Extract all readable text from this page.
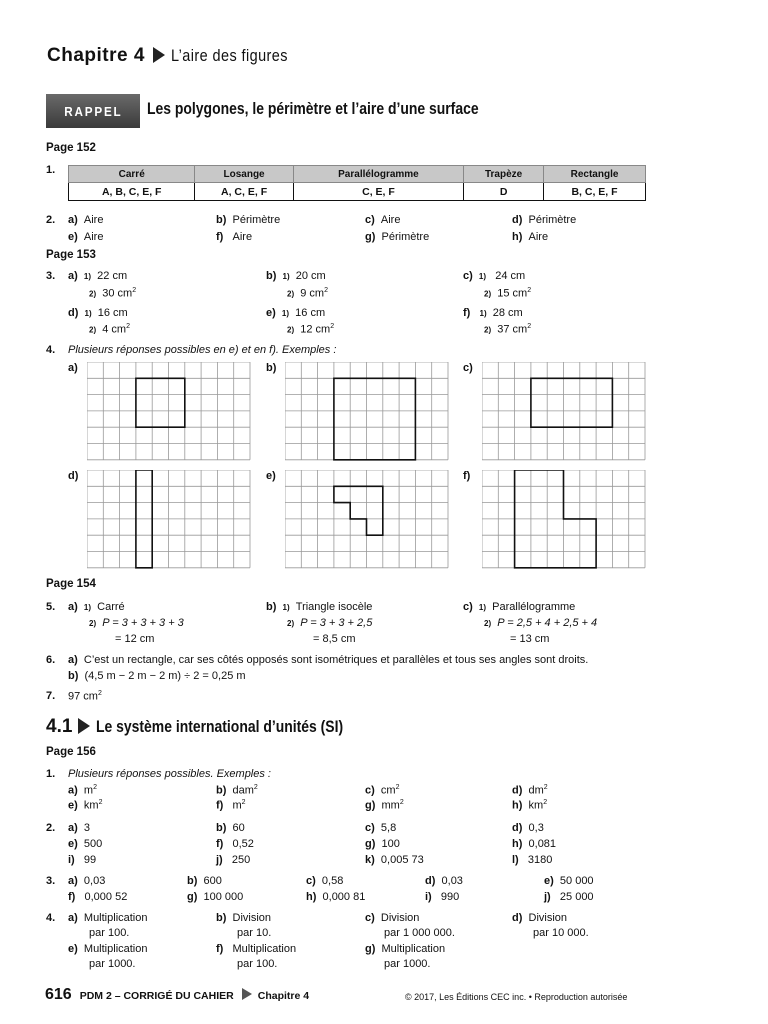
Chapitre 4 L’aire des figures
RAPPEL Les polygones, le périmètre et l’aire d’une surface
Page 152
1.	Carré	Losange	Parallélogramme	Trapèze	Rectangle
A, B, C, E, F	A, C, E, F	C, E, F	D	B, C, E, F
2. a) Aire	b) Périmètre	c) Aire	d) Périmètre
e) Aire	f) Aire	g) Périmètre	h) Aire
Page 153
3. a) 1) 22 cm
2) 30 $cm^2$
b) 1) 20 cm
2) 9 $cm^2$
c) 1) 24 cm
2) 15 $cm^2$
d) 1) 16 cm
2) 4 $cm^2$
e) 1) 16 cm
2) 12 $cm^2$
f) 1) 28 cm
2) 37 $cm^2$
4. Plusieurs réponses possibles en e) et en f). Exemples :
a)	b)	c)
d)	e)	f)
Page 154
5. a) 1) Carré
2) P = 3 + 3 + 3 + 3
= 12 cm
b) 1) Triangle isocèle
2) P = 3 + 3 + 2,5
= 8,5 cm
c) 1) Parallélogramme
2) P = 2,5 + 4 + 2,5 + 4
= 13 cm
6. a) C’est un rectangle, car ses côtés opposés sont isométriques et parallèles et tous ses angles sont droits.
b) (4,5 m − 2 m − 2 m) ÷ 2 = 0,25 m
7. 97 $cm^2$
4.1 Le système international d’unités (SI)
Page 156
1. Plusieurs réponses possibles. Exemples :
a) $m^2$	b) dam$^2$	c) $cm^2$	d) $dm^2$
e) $km^2$	f) $m^2$	g) $mm^2$	h) $km^2$
2. a) 3	b) 60	c) 5,8	d) 0,3
e) 500	f) 0,52	g) 100	h) 0,081
i) 99	j) 250	k) 0,005 73	l) 3180
3. a) 0,03	b) 600	c) 0,58	d) 0,03	e) 50 000
f) 0,000 52	g) 100 000	h) 0,000 81	i) 990	j) 25 000
4. a) Multiplication
par 100.
b) Division
par 10.
c) Division
par 1 000 000.
d) Division
par 10 000.
e) Multiplication
par 1000.
f) Multiplication
par 100.
g) Multiplication
par 1000.
616 PDM 2 – CORRIGÉ DU CAHIER Chapitre 4	© 2017, Les Éditions CEC inc. • Reproduction autorisée
